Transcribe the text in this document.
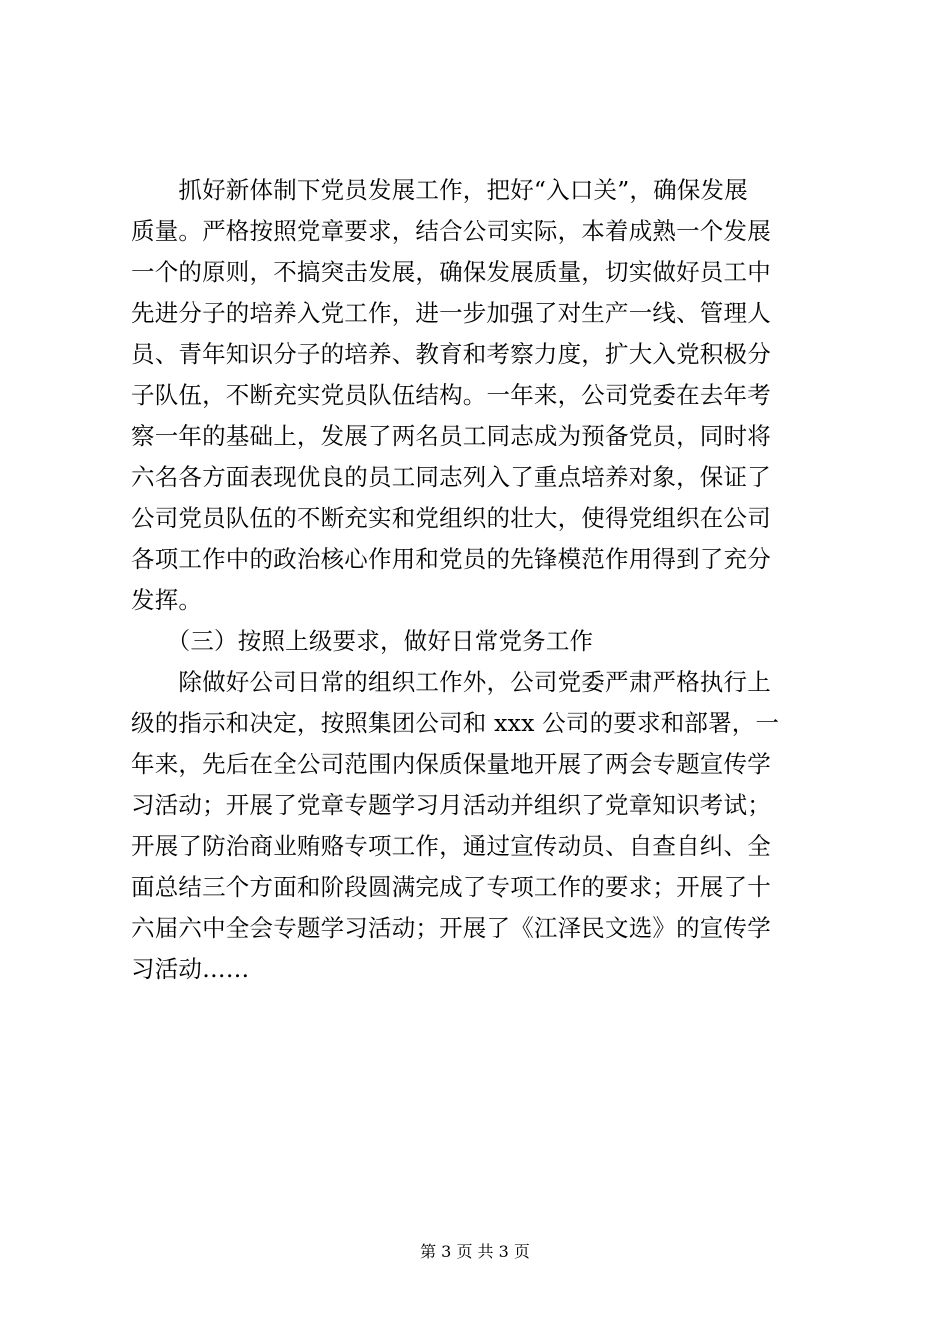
　　抓好新体制下党员发展工作，把好“入口关”，确保发展
质量。严格按照党章要求，结合公司实际，本着成熟一个发展
一个的原则，不搞突击发展，确保发展质量，切实做好员工中
先进分子的培养入党工作，进一步加强了对生产一线、管理人
员、青年知识分子的培养、教育和考察力度，扩大入党积极分
子队伍，不断充实党员队伍结构。一年来，公司党委在去年考
察一年的基础上，发展了两名员工同志成为预备党员，同时将
六名各方面表现优良的员工同志列入了重点培养对象，保证了
公司党员队伍的不断充实和党组织的壮大，使得党组织在公司
各项工作中的政治核心作用和党员的先锋模范作用得到了充分
发挥。
　　（三）按照上级要求，做好日常党务工作
　　除做好公司日常的组织工作外，公司党委严肃严格执行上
级的指示和决定，按照集团公司和 xxx 公司的要求和部署，一
年来，先后在全公司范围内保质保量地开展了两会专题宣传学
习活动；开展了党章专题学习月活动并组织了党章知识考试；
开展了防治商业贿赂专项工作，通过宣传动员、自查自纠、全
面总结三个方面和阶段圆满完成了专项工作的要求；开展了十
六届六中全会专题学习活动；开展了《江泽民文选》的宣传学
习活动……
第 3 页 共 3 页
